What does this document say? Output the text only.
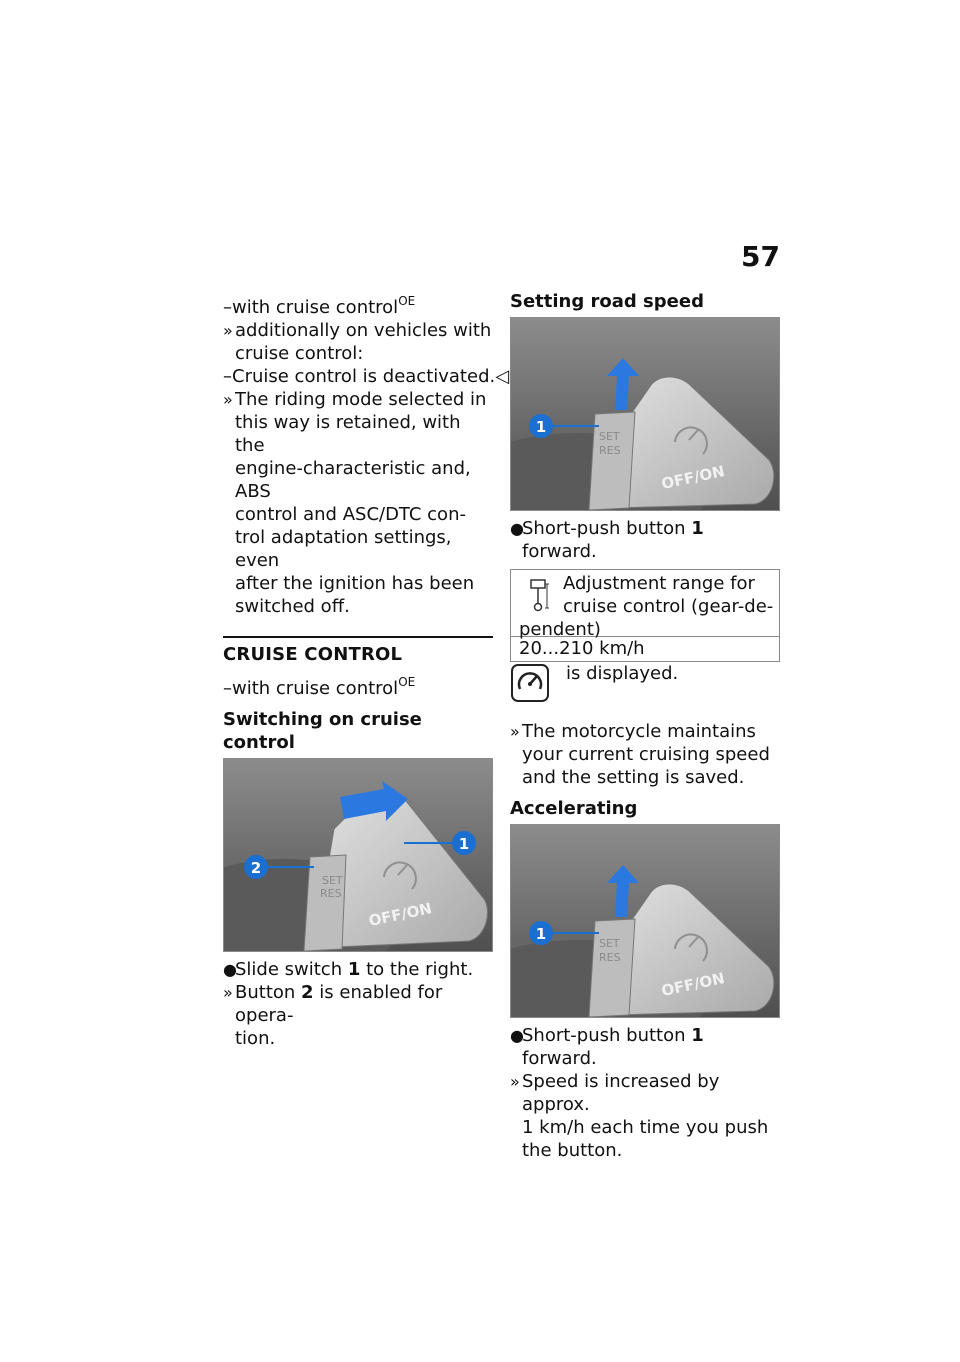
57
–with cruise control$^{OE}$
» additionally on vehicles with
cruise control:
–Cruise control is deactivated.◁
» The riding mode selected in
this way is retained, with the
engine-characteristic and, ABS
control and ASC/DTC con-
trol adaptation settings, even
after the ignition has been
switched off.
CRUISE CONTROL
–with cruise control$^{OE}$
Switching on cruise control
SET
RES
OFF/ON
2
1
●
Slide switch 1 to the right.
» Button 2 is enabled for opera-
tion.
Setting road speed
SET
RES
OFF/ON
1
●
Short-push button 1 forward.
Adjustment range for
cruise control (gear-de-
pendent)
20...210 km/h
is displayed.
» The motorcycle maintains
your current cruising speed
and the setting is saved.
Accelerating
SET
RES
OFF/ON
1
●
Short-push button 1 forward.
» Speed is increased by approx.
1 km/h each time you push
the button.
